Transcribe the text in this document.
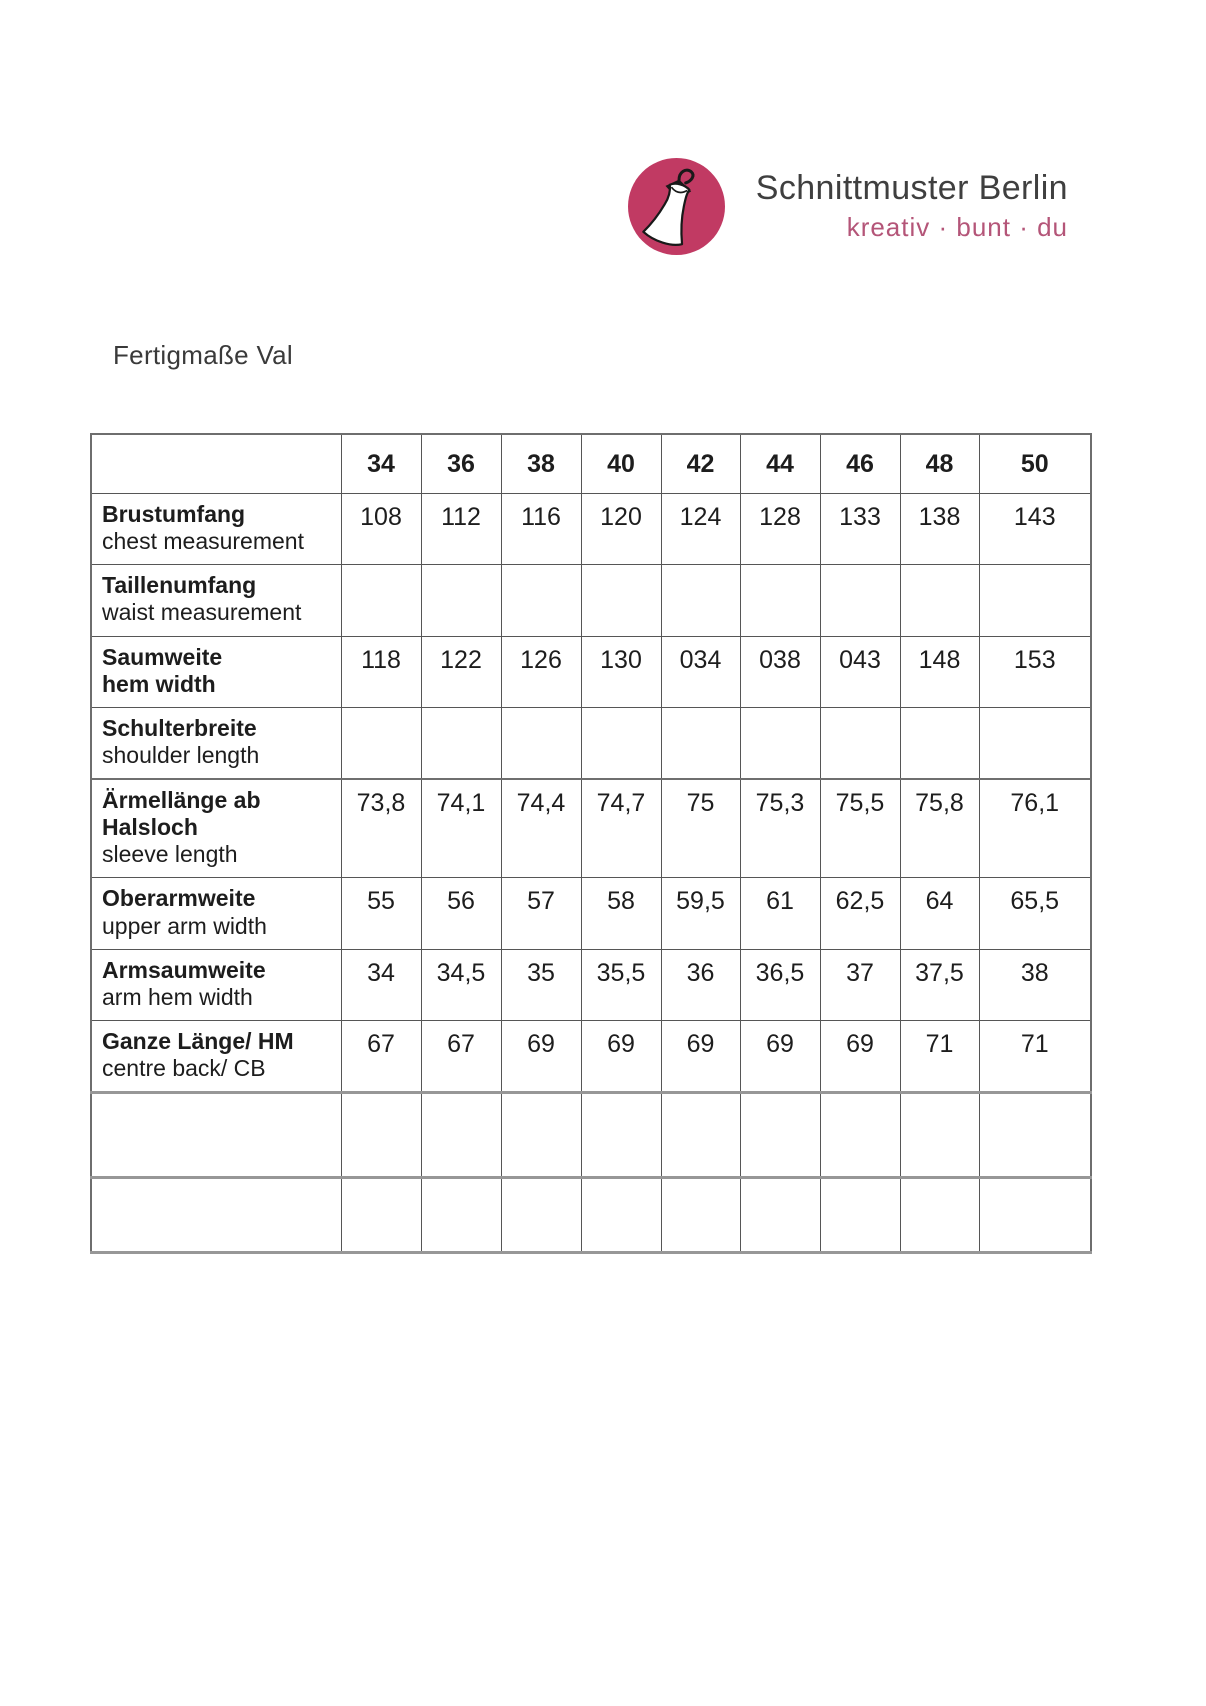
Schnittmuster Berlin
kreativ · bunt · du
Fertigmaße Val
	34	36	38	40	42	44	46	48	50

Brustumfang
chest measurement	108	112	116	120	124	128	133	138	143

Taillenumfang
waist measurement									

Saumweite
hem width	118	122	126	130	034	038	043	148	153

Schulterbreite
shoulder length									

Ärmellänge ab Halsloch
sleeve length	73,8	74,1	74,4	74,7	75	75,3	75,5	75,8	76,1

Oberarmweite
upper arm width	55	56	57	58	59,5	61	62,5	64	65,5

Armsaumweite
arm hem width	34	34,5	35	35,5	36	36,5	37	37,5	38

Ganze Länge/ HM
centre back/ CB	67	67	69	69	69	69	69	71	71
